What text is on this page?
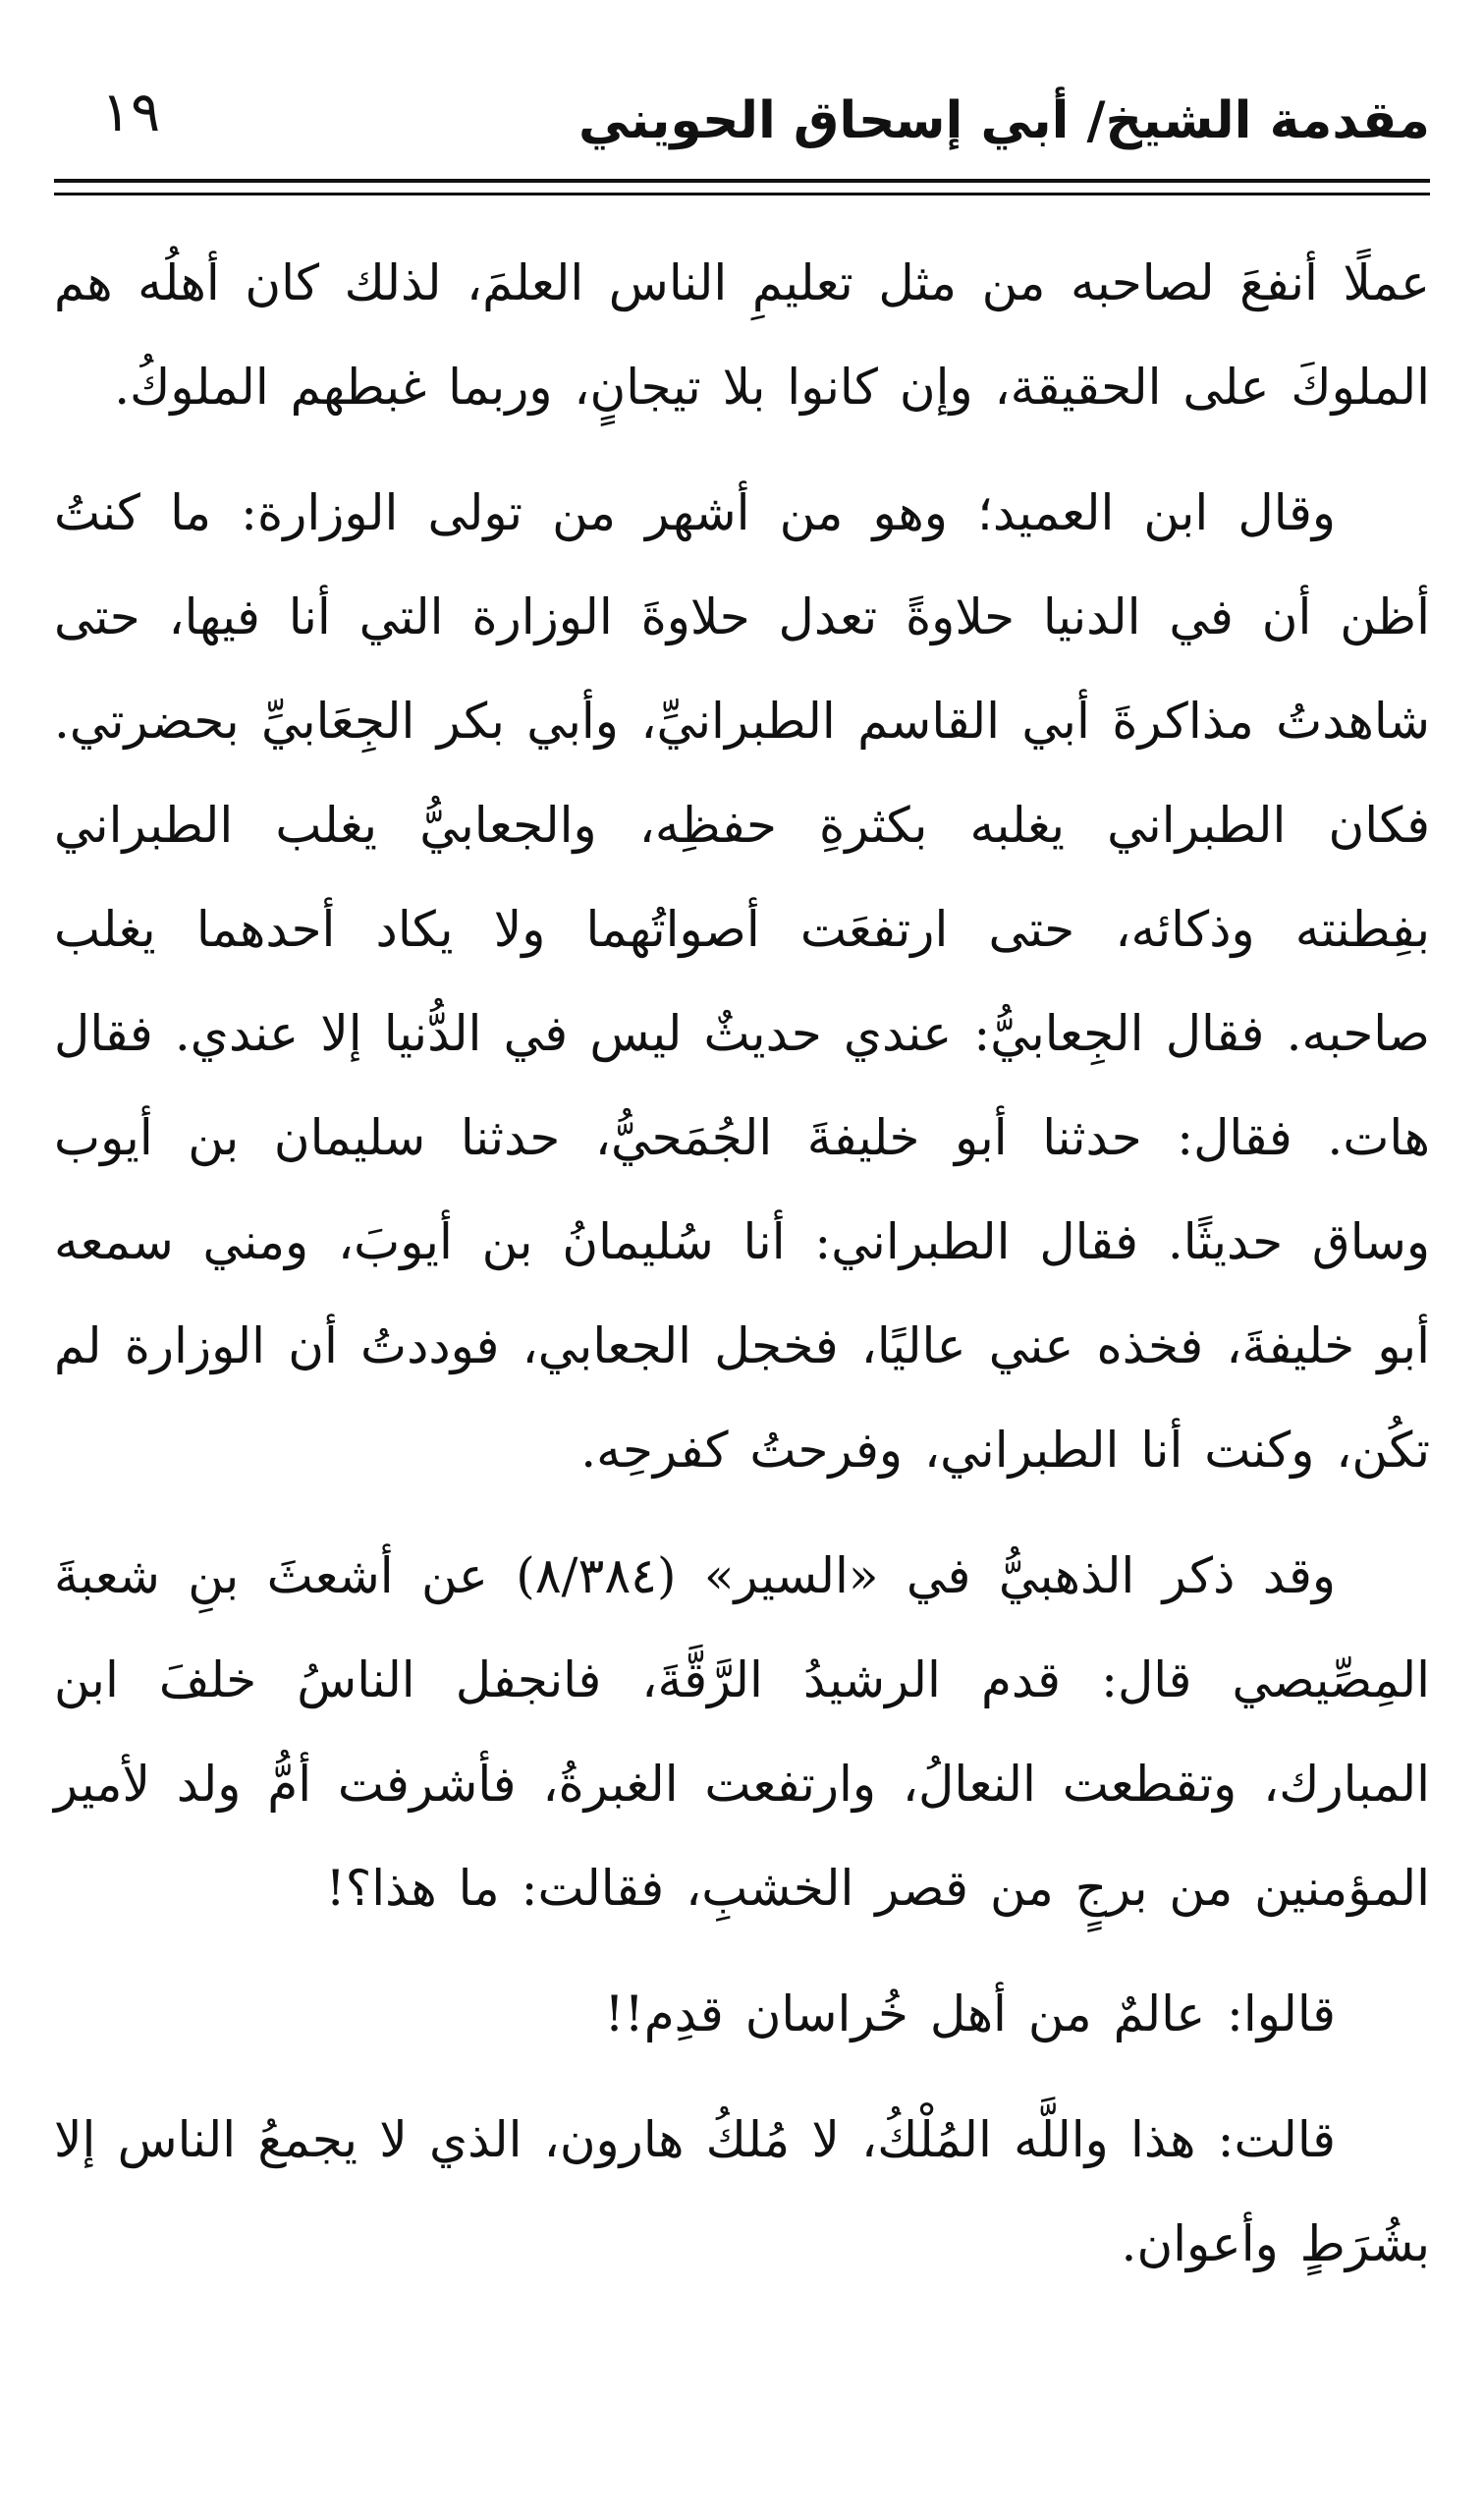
مقدمة الشيخ/ أبي إسحاق الحويني
١٩

عملًا أنفعَ لصاحبه من مثل تعليمِ الناس العلمَ، لذلك كان أهلُه هم الملوكَ على الحقيقة، وإن كانوا بلا تيجانٍ، وربما غبطهم الملوكُ.

وقال ابن العميد؛ وهو من أشهر من تولى الوزارة: ما كنتُ أظن أن في الدنيا حلاوةً تعدل حلاوةَ الوزارة التي أنا فيها، حتى شاهدتُ مذاكرةَ أبي القاسم الطبرانيِّ، وأبي بكر الجِعَابيِّ بحضرتي. فكان الطبراني يغلبه بكثرةِ حفظِه، والجعابيُّ يغلب الطبراني بفِطنته وذكائه، حتى ارتفعَت أصواتُهما ولا يكاد أحدهما يغلب صاحبه. فقال الجِعابيُّ: عندي حديثٌ ليس في الدُّنيا إلا عندي. فقال هات. فقال: حدثنا أبو خليفةَ الجُمَحيُّ، حدثنا سليمان بن أيوب وساق حديثًا. فقال الطبراني: أنا سُليمانُ بن أيوبَ، ومني سمعه أبو خليفةَ، فخذه عني عاليًا، فخجل الجعابي، فوددتُ أن الوزارة لم تكُن، وكنت أنا الطبراني، وفرحتُ كفرحِه.

وقد ذكر الذهبيُّ في «السير» (٨/٣٨٤) عن أشعثَ بنِ شعبةَ المِصِّيصي قال: قدم الرشيدُ الرَّقَّةَ، فانجفل الناسُ خلفَ ابن المبارك، وتقطعت النعالُ، وارتفعت الغبرةُ، فأشرفت أمُّ ولد لأمير المؤمنين من برجٍ من قصر الخشبِ، فقالت: ما هذا؟!

قالوا: عالمٌ من أهل خُراسان قدِم!!

قالت: هذا واللَّه المُلْكُ، لا مُلكُ هارون، الذي لا يجمعُ الناس إلا بشُرَطٍ وأعوان.
